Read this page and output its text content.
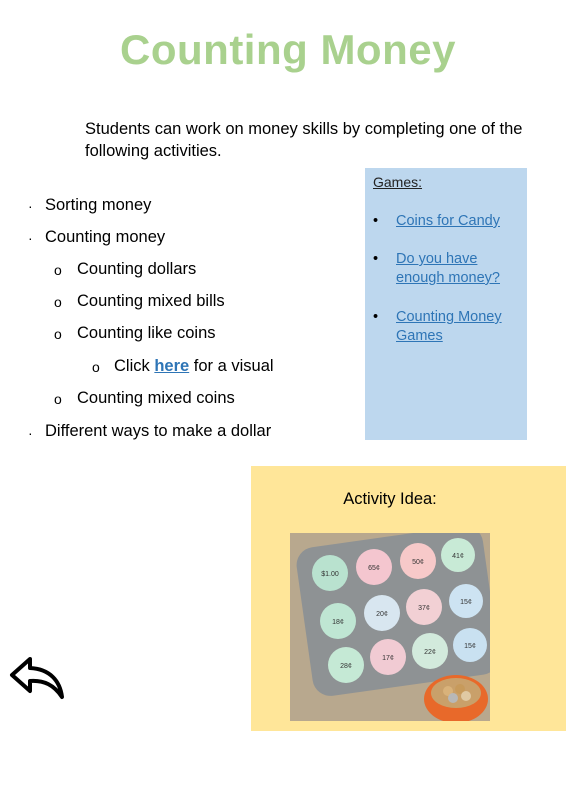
Counting Money
Students can work on money skills by completing one of the following activities.
· Sorting money
· Counting money
o Counting dollars
o Counting mixed bills
o Counting like coins
o Click here for a visual
o Counting mixed coins
· Different ways to make a dollar
Games:
• Coins for Candy
• Do you have enough money?
• Counting Money Games
Activity Idea:
$1.00
65¢
50¢
41¢
18¢
20¢
37¢
15¢
28¢
17¢
22¢
15¢
